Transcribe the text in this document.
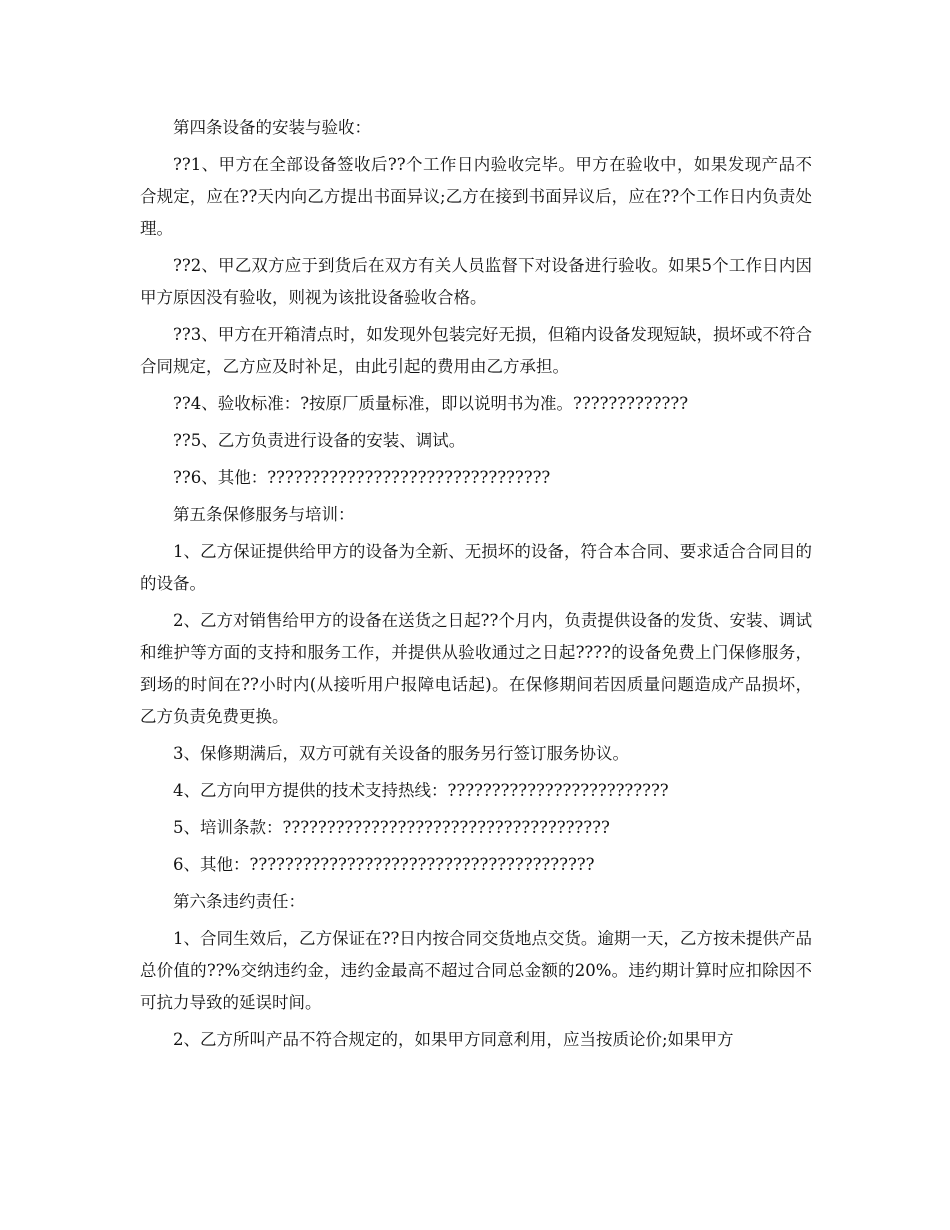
第四条设备的安装与验收：

??1、甲方在全部设备签收后??个工作日内验收完毕。甲方在验收中，如果发现产品不合规定，应在??天内向乙方提出书面异议;乙方在接到书面异议后，应在??个工作日内负责处理。

??2、甲乙双方应于到货后在双方有关人员监督下对设备进行验收。如果5个工作日内因甲方原因没有验收，则视为该批设备验收合格。

??3、甲方在开箱清点时，如发现外包装完好无损，但箱内设备发现短缺，损坏或不符合合同规定，乙方应及时补足，由此引起的费用由乙方承担。

??4、验收标准：?按原厂质量标准，即以说明书为准。?????????????

??5、乙方负责进行设备的安装、调试。

??6、其他：????????????????????????????????

第五条保修服务与培训：

1、乙方保证提供给甲方的设备为全新、无损坏的设备，符合本合同、要求适合合同目的的设备。

2、乙方对销售给甲方的设备在送货之日起??个月内，负责提供设备的发货、安装、调试和维护等方面的支持和服务工作，并提供从验收通过之日起????的设备免费上门保修服务，到场的时间在??小时内(从接听用户报障电话起)。在保修期间若因质量问题造成产品损坏，乙方负责免费更换。

3、保修期满后，双方可就有关设备的服务另行签订服务协议。

4、乙方向甲方提供的技术支持热线：?????????????????????????

5、培训条款：?????????????????????????????????????

6、其他：???????????????????????????????????????

第六条违约责任：

1、合同生效后，乙方保证在??日内按合同交货地点交货。逾期一天，乙方按未提供产品总价值的??%交纳违约金，违约金最高不超过合同总金额的20%。违约期计算时应扣除因不可抗力导致的延误时间。

2、乙方所叫产品不符合规定的，如果甲方同意利用，应当按质论价;如果甲方
